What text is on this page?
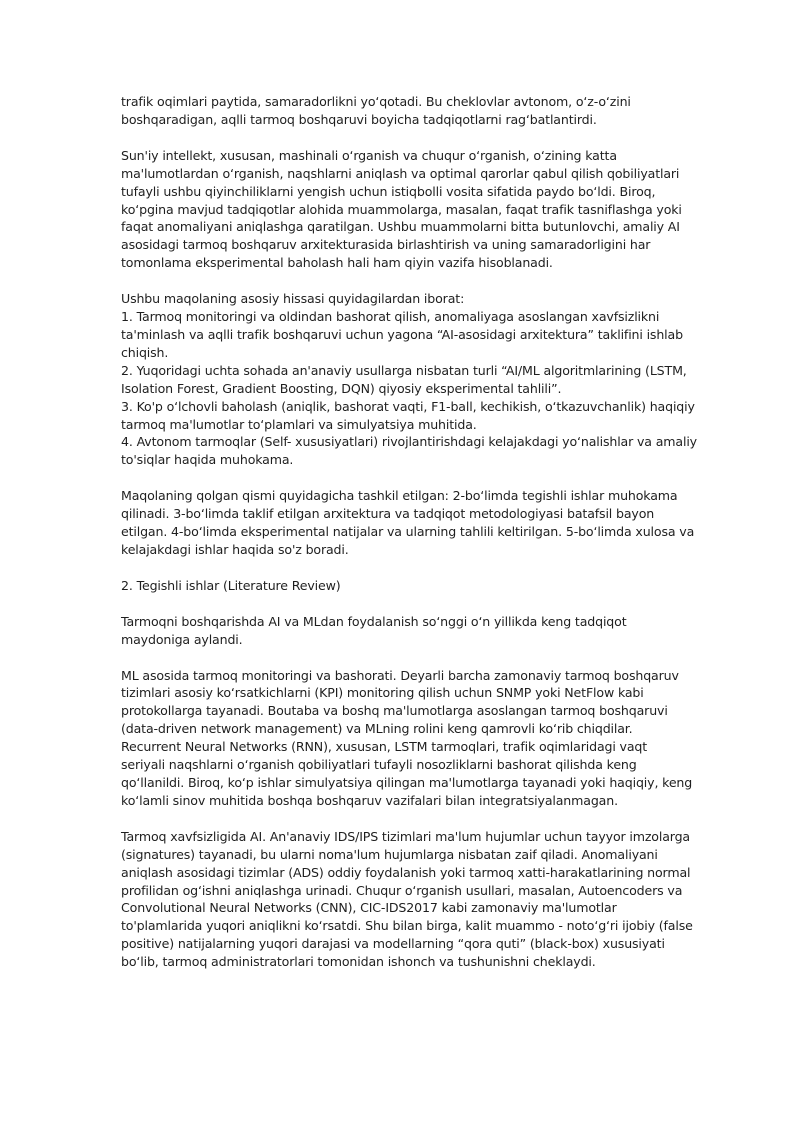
trafik oqimlari paytida, samaradorlikni yo‘qotadi. Bu cheklovlar avtonom, o‘z-o‘zini
boshqaradigan, aqlli tarmoq boshqaruvi boyicha tadqiqotlarni rag‘batlantirdi.
Sun'iy intellekt, xususan, mashinali o‘rganish va chuqur o‘rganish, o‘zining katta
ma'lumotlardan o‘rganish, naqshlarni aniqlash va optimal qarorlar qabul qilish qobiliyatlari
tufayli ushbu qiyinchiliklarni yengish uchun istiqbolli vosita sifatida paydo bo‘ldi. Biroq,
ko‘pgina mavjud tadqiqotlar alohida muammolarga, masalan, faqat trafik tasniflashga yoki
faqat anomaliyani aniqlashga qaratilgan. Ushbu muammolarni bitta butunlovchi, amaliy AI
asosidagi tarmoq boshqaruv arxitekturasida birlashtirish va uning samaradorligini har
tomonlama eksperimental baholash hali ham qiyin vazifa hisoblanadi.
Ushbu maqolaning asosiy hissasi quyidagilardan iborat:
1. Tarmoq monitoringi va oldindan bashorat qilish, anomaliyaga asoslangan xavfsizlikni
ta'minlash va aqlli trafik boshqaruvi uchun yagona “AI-asosidagi arxitektura” taklifini ishlab
chiqish.
2. Yuqoridagi uchta sohada an'anaviy usullarga nisbatan turli “AI/ML algoritmlarining (LSTM,
Isolation Forest, Gradient Boosting, DQN) qiyosiy eksperimental tahlili”.
3. Ko'p o‘lchovli baholash (aniqlik, bashorat vaqti, F1-ball, kechikish, o‘tkazuvchanlik) haqiqiy
tarmoq ma'lumotlar to‘plamlari va simulyatsiya muhitida.
4. Avtonom tarmoqlar (Self- xususiyatlari) rivojlantirishdagi kelajakdagi yo‘nalishlar va amaliy
to'siqlar haqida muhokama.
Maqolaning qolgan qismi quyidagicha tashkil etilgan: 2-bo‘limda tegishli ishlar muhokama
qilinadi. 3-bo‘limda taklif etilgan arxitektura va tadqiqot metodologiyasi batafsil bayon
etilgan. 4-bo‘limda eksperimental natijalar va ularning tahlili keltirilgan. 5-bo‘limda xulosa va
kelajakdagi ishlar haqida so'z boradi.
2. Tegishli ishlar (Literature Review)
Tarmoqni boshqarishda AI va MLdan foydalanish so‘nggi o‘n yillikda keng tadqiqot
maydoniga aylandi.
ML asosida tarmoq monitoringi va bashorati. Deyarli barcha zamonaviy tarmoq boshqaruv
tizimlari asosiy ko‘rsatkichlarni (KPI) monitoring qilish uchun SNMP yoki NetFlow kabi
protokollarga tayanadi. Boutaba va boshq ma'lumotlarga asoslangan tarmoq boshqaruvi
(data-driven network management) va MLning rolini keng qamrovli ko‘rib chiqdilar.
Recurrent Neural Networks (RNN), xususan, LSTM tarmoqlari, trafik oqimlaridagi vaqt
seriyali naqshlarni o‘rganish qobiliyatlari tufayli nosozliklarni bashorat qilishda keng
qo‘llanildi. Biroq, ko‘p ishlar simulyatsiya qilingan ma'lumotlarga tayanadi yoki haqiqiy, keng
ko‘lamli sinov muhitida boshqa boshqaruv vazifalari bilan integratsiyalanmagan.
Tarmoq xavfsizligida AI. An'anaviy IDS/IPS tizimlari ma'lum hujumlar uchun tayyor imzolarga
(signatures) tayanadi, bu ularni noma'lum hujumlarga nisbatan zaif qiladi. Anomaliyani
aniqlash asosidagi tizimlar (ADS) oddiy foydalanish yoki tarmoq xatti-harakatlarining normal
profilidan og‘ishni aniqlashga urinadi. Chuqur o‘rganish usullari, masalan, Autoencoders va
Convolutional Neural Networks (CNN), CIC-IDS2017 kabi zamonaviy ma'lumotlar
to'plamlarida yuqori aniqlikni ko‘rsatdi. Shu bilan birga, kalit muammo - noto‘g‘ri ijobiy (false
positive) natijalarning yuqori darajasi va modellarning “qora quti” (black-box) xususiyati
bo‘lib, tarmoq administratorlari tomonidan ishonch va tushunishni cheklaydi.
